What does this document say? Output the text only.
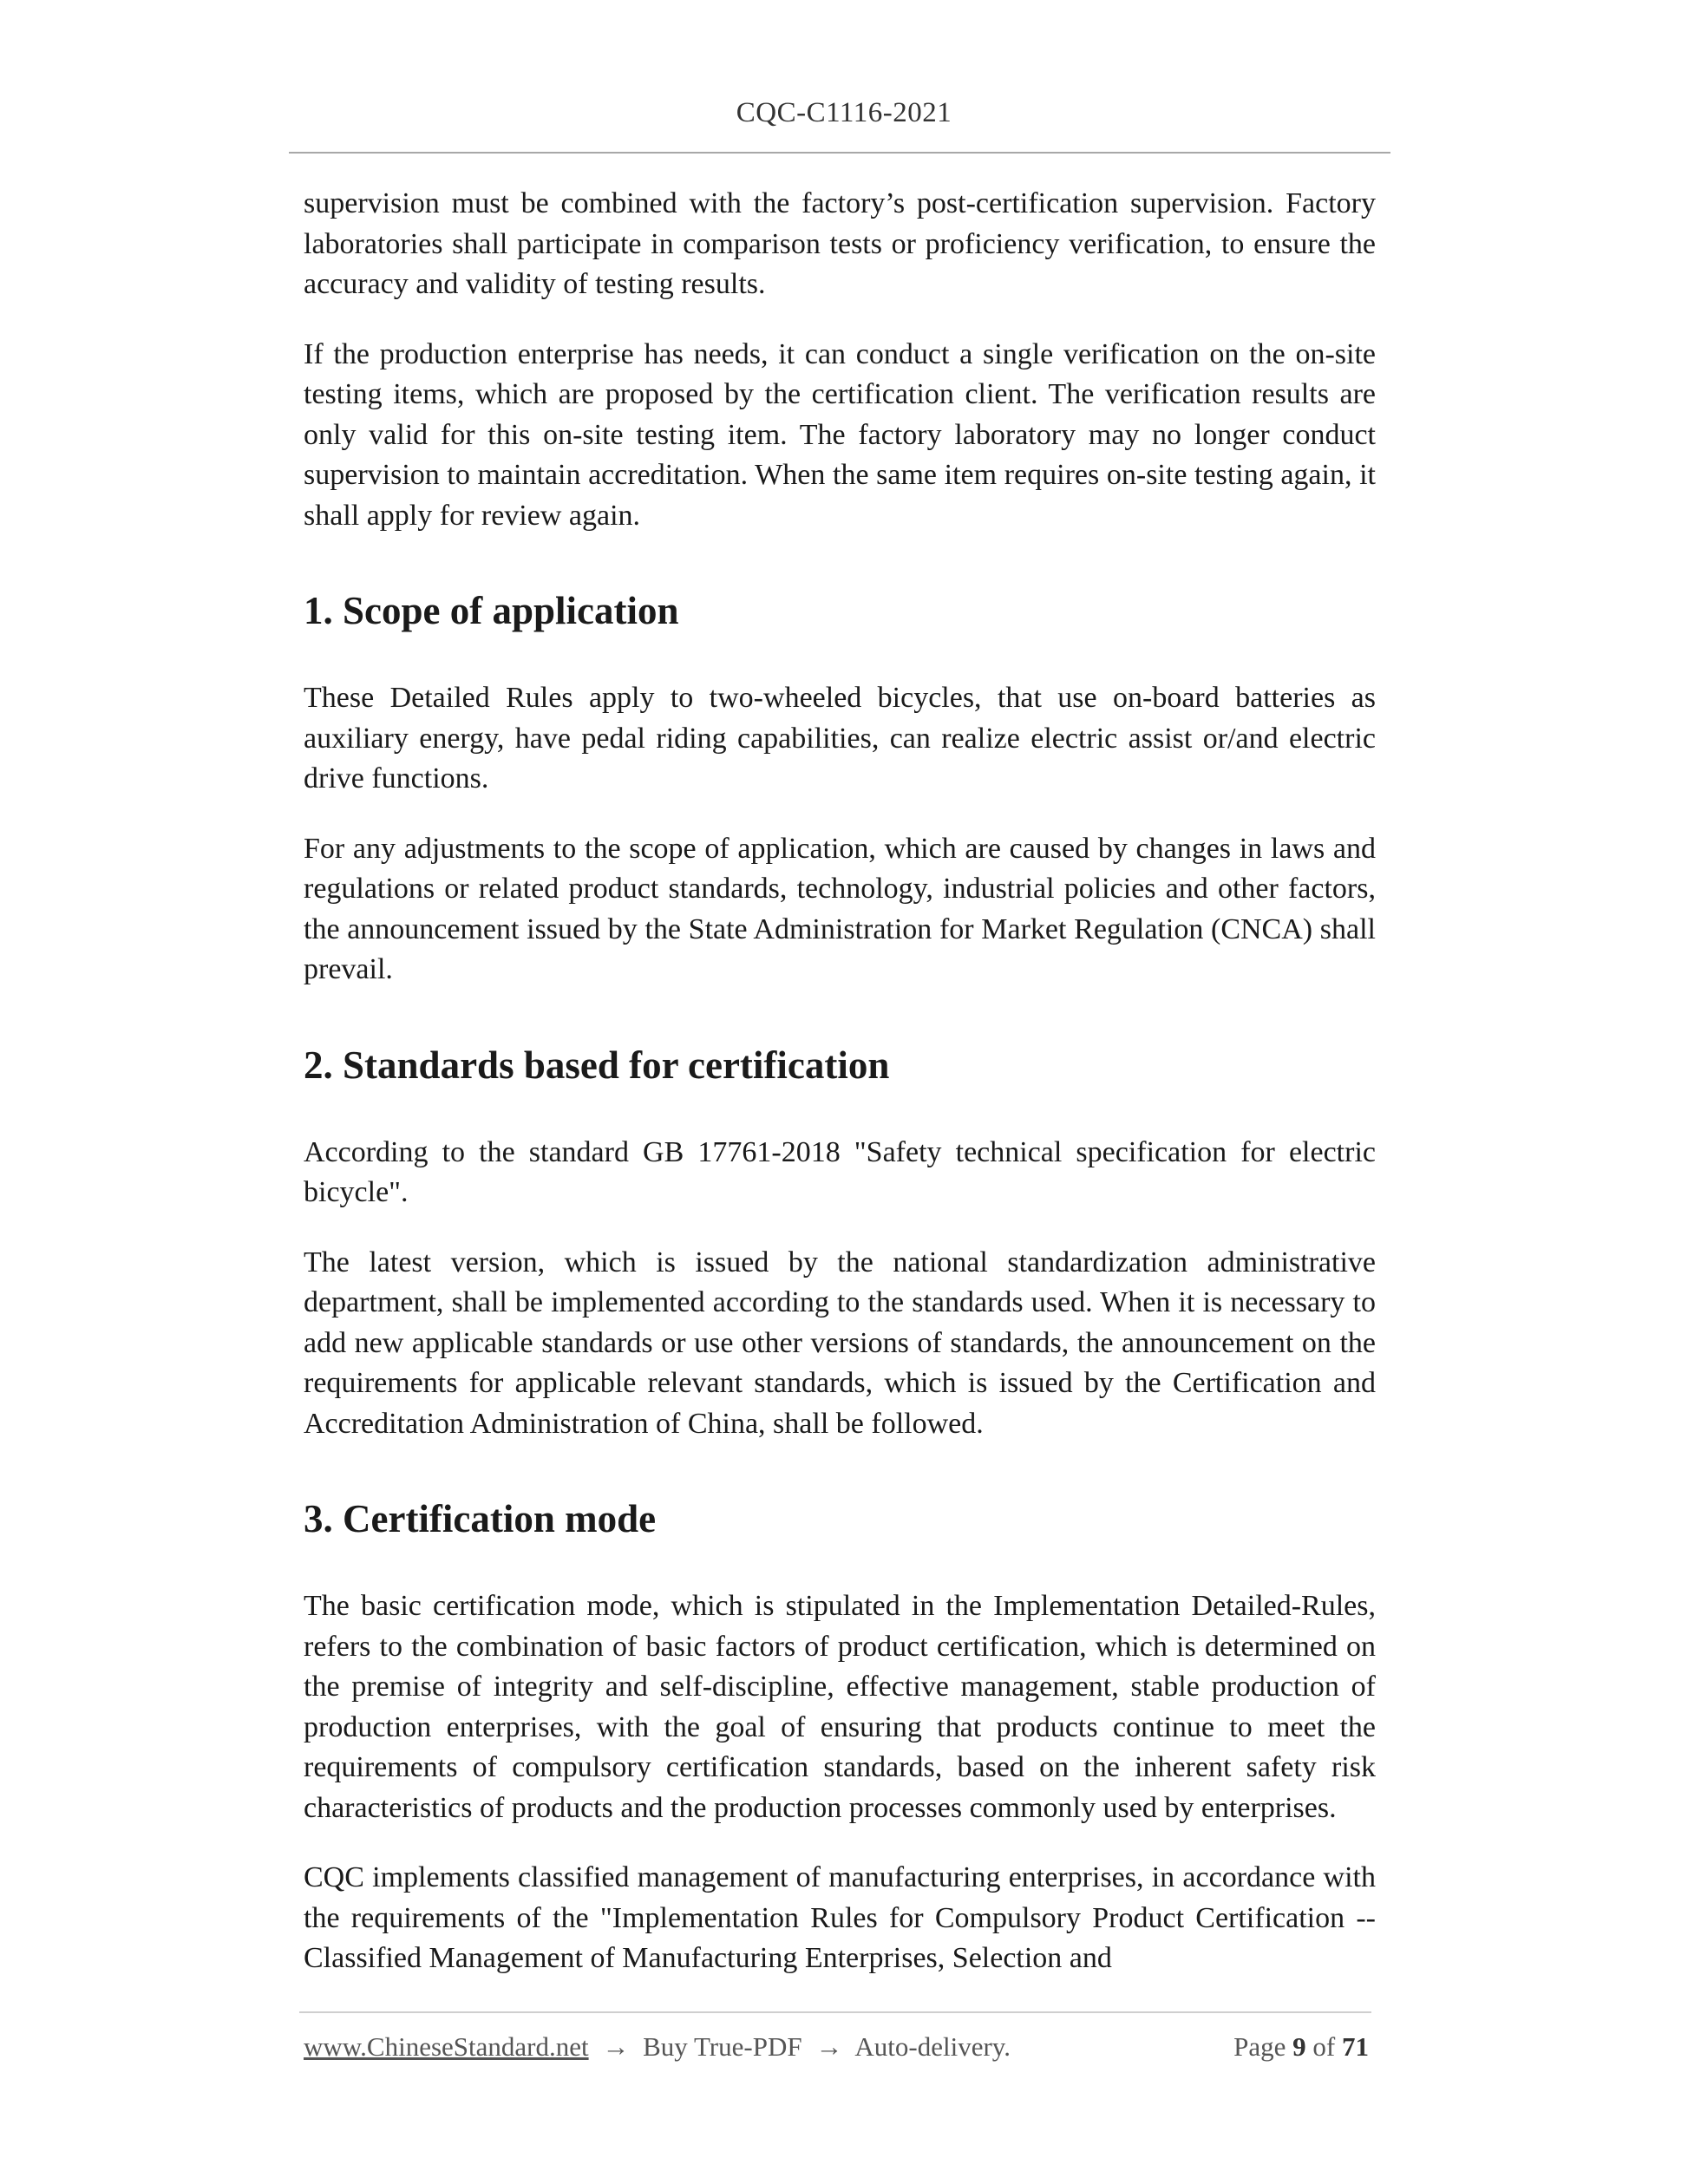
CQC-C1116-2021

supervision must be combined with the factory’s post-certification supervision. Factory laboratories shall participate in comparison tests or proficiency verification, to ensure the accuracy and validity of testing results.

If the production enterprise has needs, it can conduct a single verification on the on-site testing items, which are proposed by the certification client. The verification results are only valid for this on-site testing item. The factory laboratory may no longer conduct supervision to maintain accreditation. When the same item requires on-site testing again, it shall apply for review again.

1. Scope of application

These Detailed Rules apply to two-wheeled bicycles, that use on-board batteries as auxiliary energy, have pedal riding capabilities, can realize electric assist or/and electric drive functions.

For any adjustments to the scope of application, which are caused by changes in laws and regulations or related product standards, technology, industrial policies and other factors, the announcement issued by the State Administration for Market Regulation (CNCA) shall prevail.

2. Standards based for certification

According to the standard GB 17761-2018 "Safety technical specification for electric bicycle".

The latest version, which is issued by the national standardization administrative department, shall be implemented according to the standards used. When it is necessary to add new applicable standards or use other versions of standards, the announcement on the requirements for applicable relevant standards, which is issued by the Certification and Accreditation Administration of China, shall be followed.

3. Certification mode

The basic certification mode, which is stipulated in the Implementation Detailed-Rules, refers to the combination of basic factors of product certification, which is determined on the premise of integrity and self-discipline, effective management, stable production of production enterprises, with the goal of ensuring that products continue to meet the requirements of compulsory certification standards, based on the inherent safety risk characteristics of products and the production processes commonly used by enterprises.

CQC implements classified management of manufacturing enterprises, in accordance with the requirements of the "Implementation Rules for Compulsory Product Certification -- Classified Management of Manufacturing Enterprises, Selection and

www.ChineseStandard.net → Buy True-PDF → Auto-delivery.	Page 9 of 71
